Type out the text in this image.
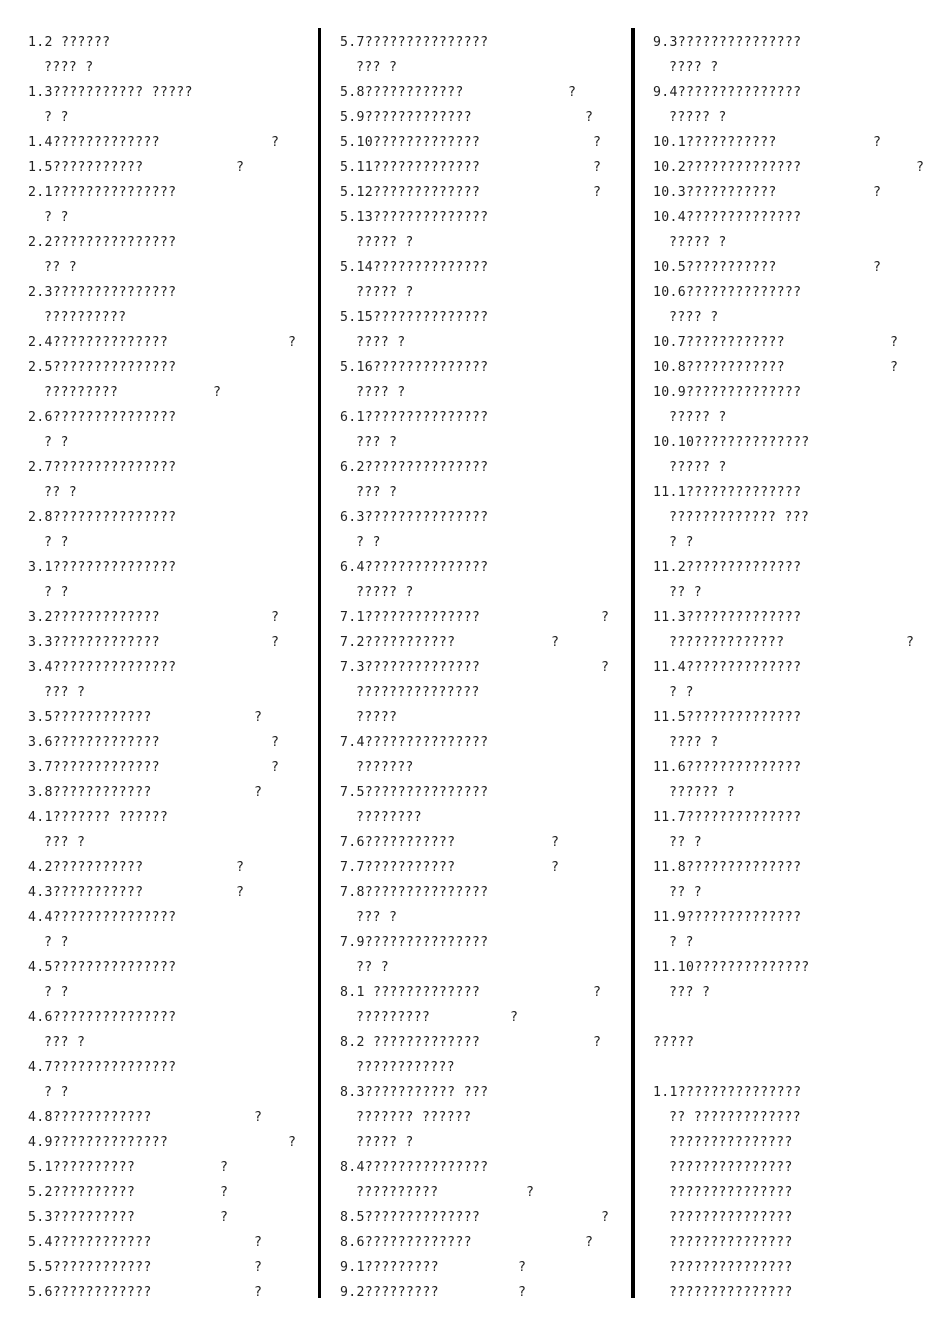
1.2 ??????
???? ?
1.3??????????? ?????
? ?
1.4?????????????	?
1.5???????????	?
2.1???????????????
? ?
2.2???????????????
?? ?
2.3???????????????
??????????
2.4??????????????	?
2.5???????????????
?????????	?
2.6???????????????
? ?
2.7???????????????
?? ?
2.8???????????????
? ?
3.1???????????????
? ?
3.2?????????????	?
3.3?????????????	?
3.4???????????????
??? ?
3.5????????????	?
3.6?????????????	?
3.7?????????????	?
3.8????????????	?
4.1??????? ??????
??? ?
4.2???????????	?
4.3???????????	?
4.4???????????????
? ?
4.5???????????????
? ?
4.6???????????????
??? ?
4.7???????????????
? ?
4.8????????????	?
4.9??????????????	?
5.1??????????	?
5.2??????????	?
5.3??????????	?
5.4????????????	?
5.5????????????	?
5.6????????????	?
5.7???????????????
??? ?
5.8????????????	?
5.9?????????????	?
5.10?????????????	?
5.11?????????????	?
5.12?????????????	?
5.13??????????????
????? ?
5.14??????????????
????? ?
5.15??????????????
???? ?
5.16??????????????
???? ?
6.1???????????????
??? ?
6.2???????????????
??? ?
6.3???????????????
? ?
6.4???????????????
????? ?
7.1??????????????	?
7.2???????????	?
7.3??????????????	?
???????????????
?????
7.4???????????????
???????
7.5???????????????
????????
7.6???????????	?
7.7???????????	?
7.8???????????????
??? ?
7.9???????????????
?? ?
8.1 ?????????????	?
?????????	?
8.2 ?????????????	?
????????????
8.3??????????? ???
??????? ??????
????? ?
8.4???????????????
??????????	?
8.5??????????????	?
8.6?????????????	?
9.1?????????	?
9.2?????????	?
9.3???????????????
???? ?
9.4???????????????
????? ?
10.1???????????	?
10.2??????????????	?
10.3???????????	?
10.4??????????????
????? ?
10.5???????????	?
10.6??????????????
???? ?
10.7????????????	?
10.8????????????	?
10.9??????????????
????? ?
10.10??????????????
????? ?
11.1??????????????
????????????? ???
? ?
11.2??????????????
?? ?
11.3??????????????
??????????????	?
11.4??????????????
? ?
11.5??????????????
???? ?
11.6??????????????
?????? ?
11.7??????????????
?? ?
11.8??????????????
?? ?
11.9??????????????
? ?
11.10??????????????
??? ?
?????
1.1???????????????
?? ?????????????
???????????????
???????????????
???????????????
???????????????
???????????????
???????????????
???????????????
